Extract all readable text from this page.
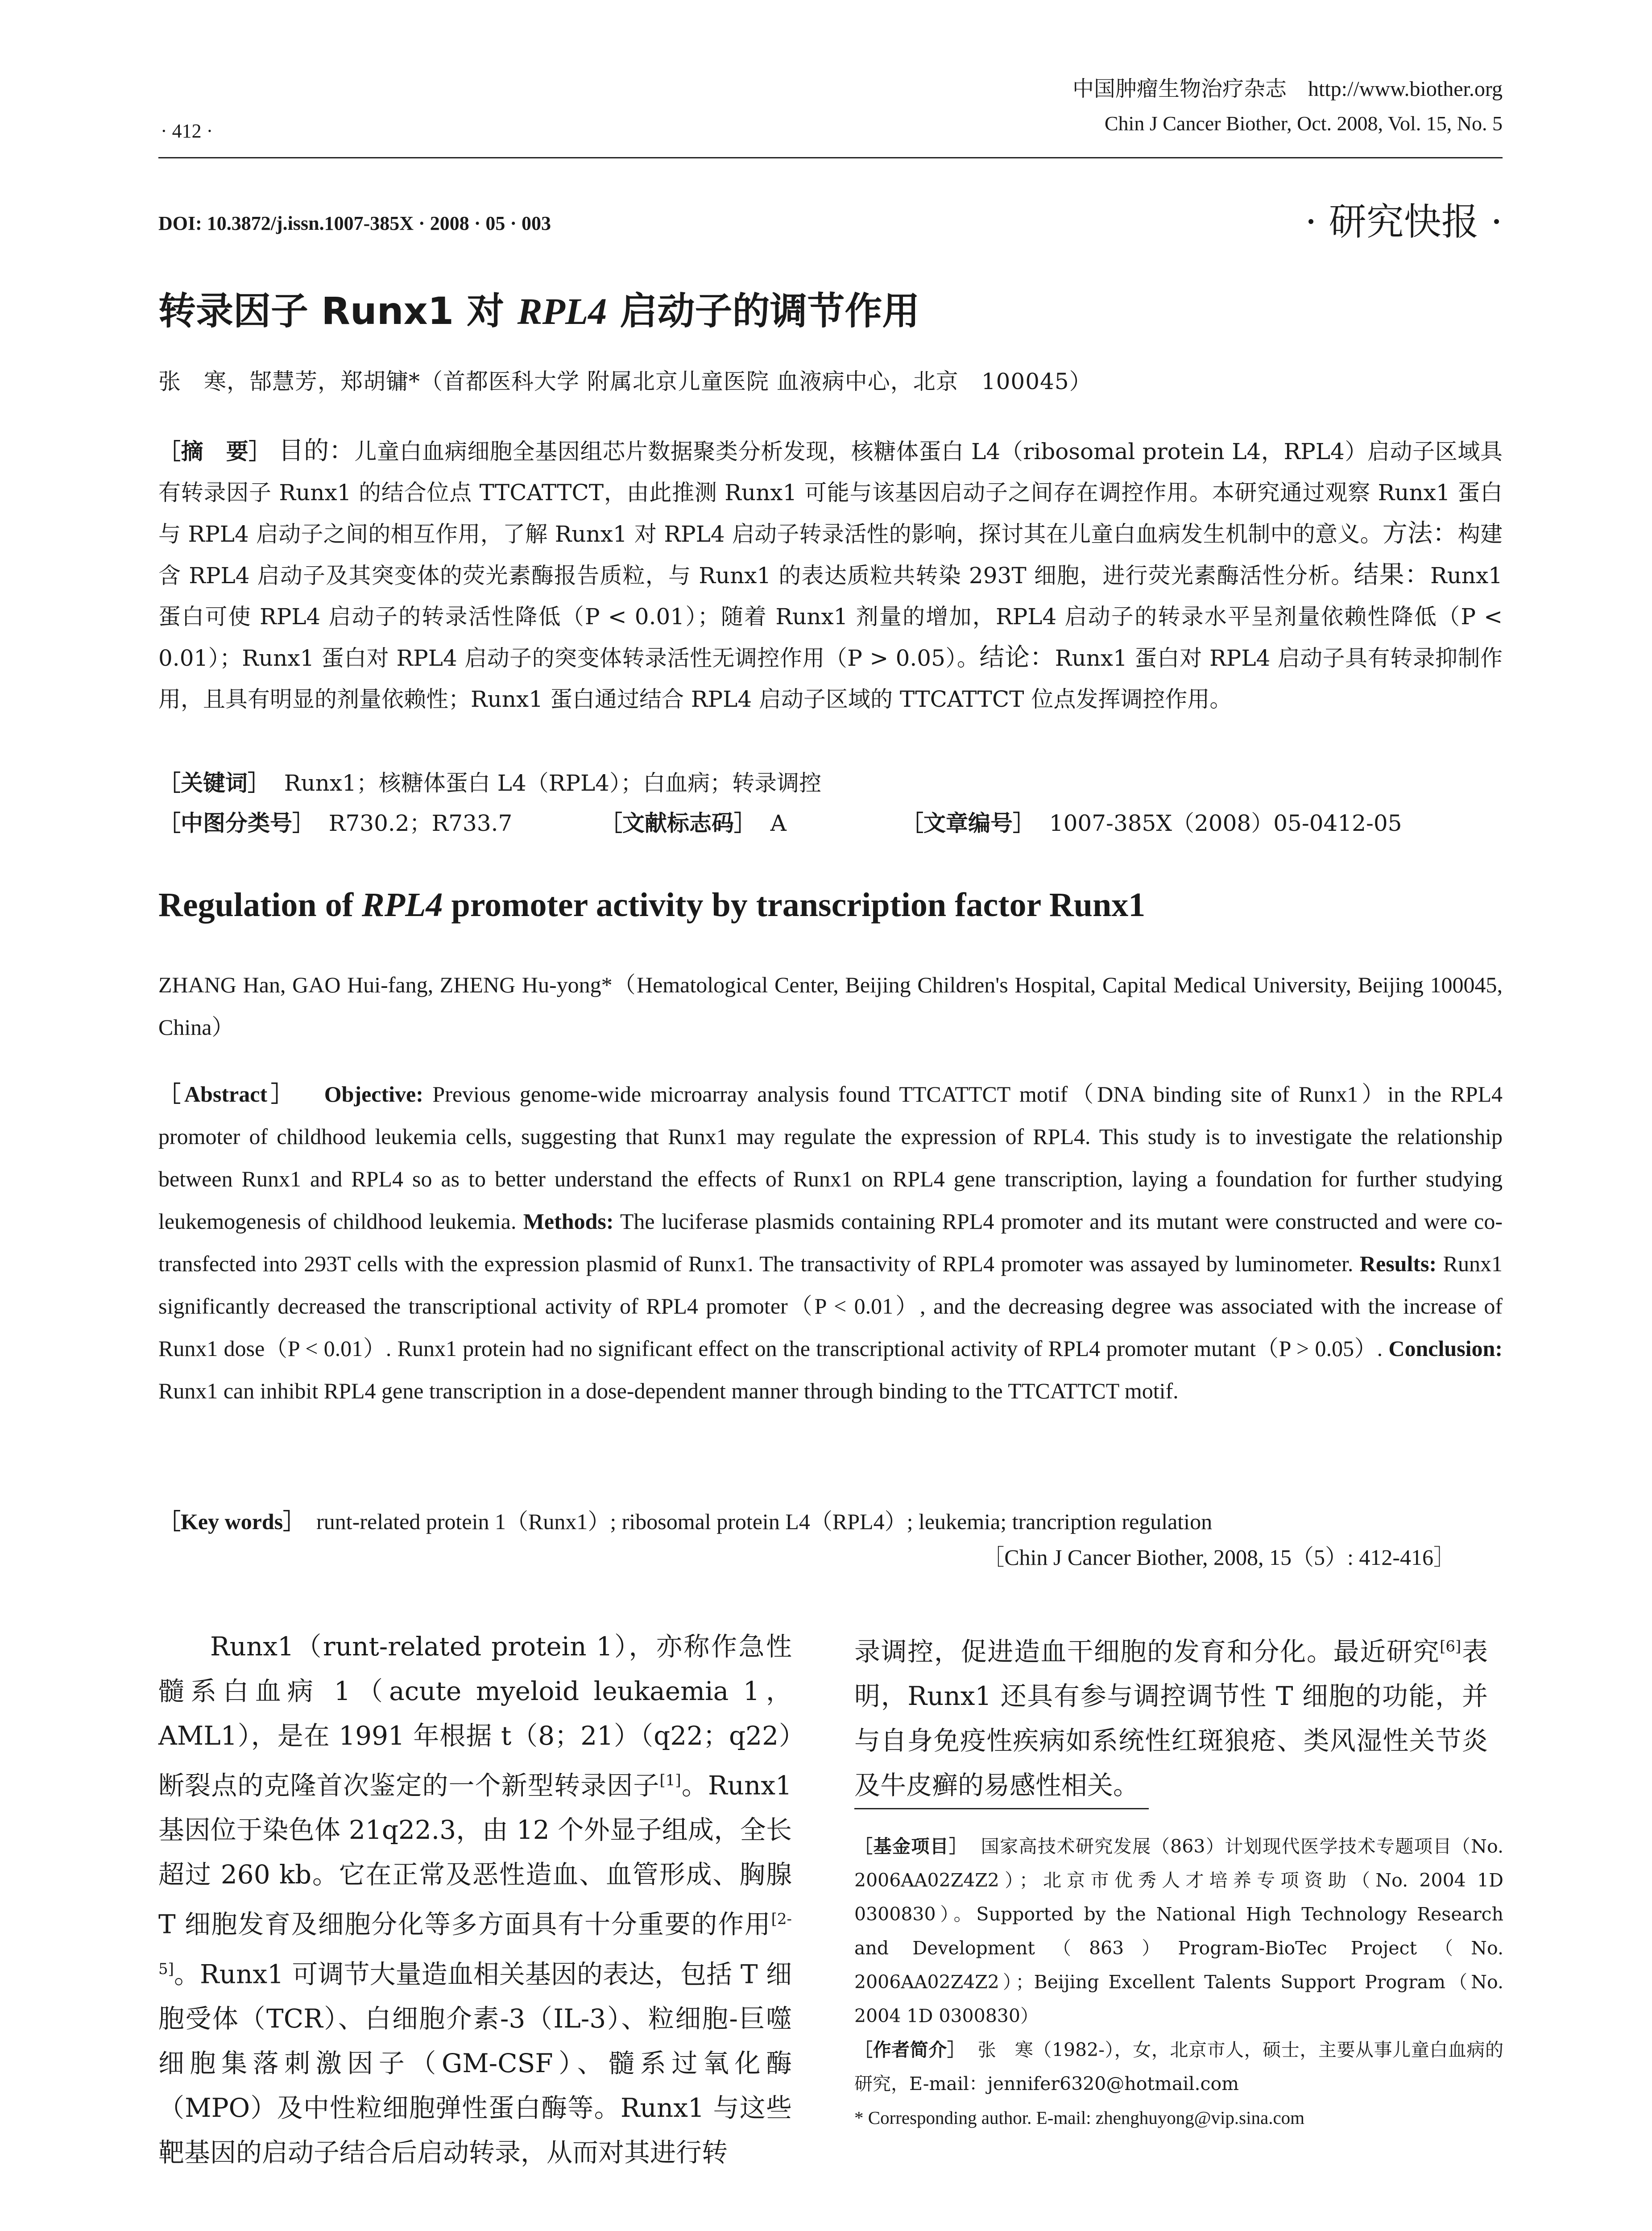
· 412 ·
中国肿瘤生物治疗杂志　http://www.biother.org
Chin J Cancer Biother, Oct. 2008, Vol. 15, No. 5
DOI: 10.3872/j.issn.1007-385X · 2008 · 05 · 003	· 研究快报 ·
转录因子 Runx1 对 RPL4 启动子的调节作用
张　寒，郜慧芳，郑胡镛*（首都医科大学 附属北京儿童医院 血液病中心，北京　100045）
［摘　要］ 目的：儿童白血病细胞全基因组芯片数据聚类分析发现，核糖体蛋白 L4（ribosomal protein L4，RPL4）启动子区域具有转录因子 Runx1 的结合位点 TTCATTCT，由此推测 Runx1 可能与该基因启动子之间存在调控作用。本研究通过观察 Runx1 蛋白与 RPL4 启动子之间的相互作用，了解 Runx1 对 RPL4 启动子转录活性的影响，探讨其在儿童白血病发生机制中的意义。方法：构建含 RPL4 启动子及其突变体的荧光素酶报告质粒，与 Runx1 的表达质粒共转染 293T 细胞，进行荧光素酶活性分析。结果：Runx1 蛋白可使 RPL4 启动子的转录活性降低（P < 0.01）；随着 Runx1 剂量的增加，RPL4 启动子的转录水平呈剂量依赖性降低（P < 0.01）；Runx1 蛋白对 RPL4 启动子的突变体转录活性无调控作用（P > 0.05）。结论：Runx1 蛋白对 RPL4 启动子具有转录抑制作用，且具有明显的剂量依赖性；Runx1 蛋白通过结合 RPL4 启动子区域的 TTCATTCT 位点发挥调控作用。
［关键词］ Runx1；核糖体蛋白 L4（RPL4）；白血病；转录调控
［中图分类号］ R730.2；R733.7	［文献标志码］ A	［文章编号］ 1007-385X（2008）05-0412-05
Regulation of RPL4 promoter activity by transcription factor Runx1
ZHANG Han, GAO Hui-fang, ZHENG Hu-yong*（Hematological Center, Beijing Children's Hospital, Capital Medical University, Beijing 100045, China）
［Abstract］ Objective: Previous genome-wide microarray analysis found TTCATTCT motif（DNA binding site of Runx1）in the RPL4 promoter of childhood leukemia cells, suggesting that Runx1 may regulate the expression of RPL4. This study is to investigate the relationship between Runx1 and RPL4 so as to better understand the effects of Runx1 on RPL4 gene transcription, laying a foundation for further studying leukemogenesis of childhood leukemia. Methods: The luciferase plasmids containing RPL4 promoter and its mutant were constructed and were co-transfected into 293T cells with the expression plasmid of Runx1. The transactivity of RPL4 promoter was assayed by luminometer. Results: Runx1 significantly decreased the transcriptional activity of RPL4 promoter（P < 0.01）, and the decreasing degree was associated with the increase of Runx1 dose（P < 0.01）. Runx1 protein had no significant effect on the transcriptional activity of RPL4 promoter mutant（P > 0.05）. Conclusion: Runx1 can inhibit RPL4 gene transcription in a dose-dependent manner through binding to the TTCATTCT motif.
［Key words］ runt-related protein 1（Runx1）; ribosomal protein L4（RPL4）; leukemia; trancription regulation
［Chin J Cancer Biother, 2008, 15（5）: 412-416］

Runx1（runt-related protein 1），亦称作急性髓系白血病 1（acute myeloid leukaemia 1，AML1），是在 1991 年根据 t（8；21）（q22；q22）断裂点的克隆首次鉴定的一个新型转录因子[1]。Runx1 基因位于染色体 21q22.3，由 12 个外显子组成，全长超过 260 kb。它在正常及恶性造血、血管形成、胸腺 T 细胞发育及细胞分化等多方面具有十分重要的作用[2-5]。Runx1 可调节大量造血相关基因的表达，包括 T 细胞受体（TCR）、白细胞介素-3（IL-3）、粒细胞-巨噬细胞集落刺激因子（GM-CSF）、髓系过氧化酶（MPO）及中性粒细胞弹性蛋白酶等。Runx1 与这些靶基因的启动子结合后启动转录，从而对其进行转

录调控，促进造血干细胞的发育和分化。最近研究[6]表明，Runx1 还具有参与调控调节性 T 细胞的功能，并与自身免疫性疾病如系统性红斑狼疮、类风湿性关节炎及牛皮癣的易感性相关。

［基金项目］ 国家高技术研究发展（863）计划现代医学技术专题项目（No. 2006AA02Z4Z2）；北京市优秀人才培养专项资助（No. 2004 1D 0300830）。Supported by the National High Technology Research and Development（863）Program-BioTec Project（No. 2006AA02Z4Z2）；Beijing Excellent Talents Support Program（No. 2004 1D 0300830）
［作者简介］ 张　寒（1982-），女，北京市人，硕士，主要从事儿童白血病的研究，E-mail：jennifer6320@hotmail.com
* Corresponding author. E-mail: zhenghuyong@vip.sina.com
